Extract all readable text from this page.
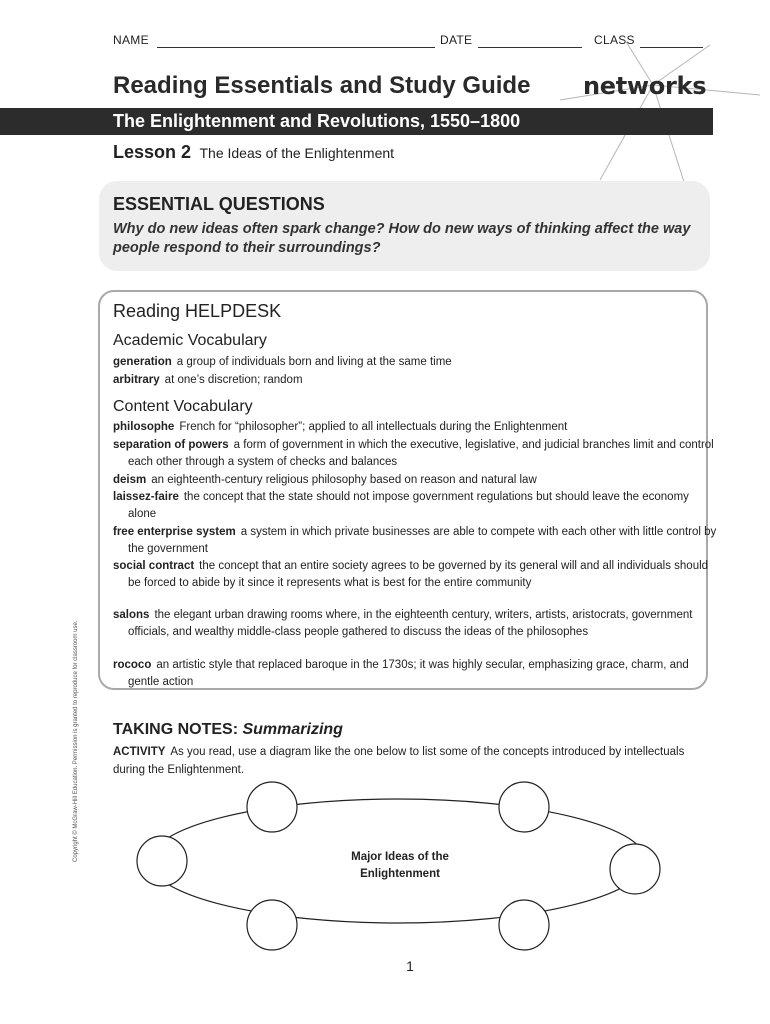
NAME	DATE	CLASS
Reading Essentials and Study Guide networks
The Enlightenment and Revolutions, 1550–1800
Lesson 2 The Ideas of the Enlightenment
ESSENTIAL QUESTIONS
Why do new ideas often spark change? How do new ways of thinking affect the way people respond to their surroundings?
Reading HELPDESK
Academic Vocabulary
generation a group of individuals born and living at the same time
arbitrary at one’s discretion; random
Content Vocabulary
philosophe French for “philosopher”; applied to all intellectuals during the Enlightenment
separation of powers a form of government in which the executive, legislative, and judicial branches limit and control each other through a system of checks and balances
deism an eighteenth-century religious philosophy based on reason and natural law
laissez-faire the concept that the state should not impose government regulations but should leave the economy alone
free enterprise system a system in which private businesses are able to compete with each other with little control by the government
social contract the concept that an entire society agrees to be governed by its general will and all individuals should be forced to abide by it since it represents what is best for the entire community
salons the elegant urban drawing rooms where, in the eighteenth century, writers, artists, aristocrats, government officials, and wealthy middle-class people gathered to discuss the ideas of the philosophes
rococo an artistic style that replaced baroque in the 1730s; it was highly secular, emphasizing grace, charm, and gentle action
TAKING NOTES: Summarizing
ACTIVITY As you read, use a diagram like the one below to list some of the concepts introduced by intellectuals during the Enlightenment.
Major Ideas of the
Enlightenment
Copyright © McGraw-Hill Education. Permission is granted to reproduce for classroom use.
1
